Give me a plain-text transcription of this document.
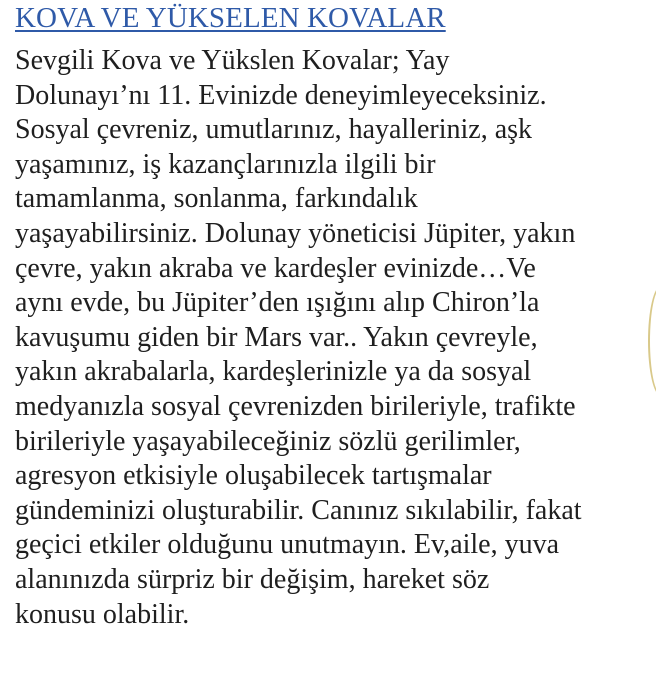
KOVA VE YÜKSELEN KOVALAR
Sevgili Kova ve Yükslen Kovalar; Yay
Dolunayı’nı 11. Evinizde deneyimleyeceksiniz.
Sosyal çevreniz, umutlarınız, hayalleriniz, aşk
yaşamınız, iş kazançlarınızla ilgili bir
tamamlanma, sonlanma, farkındalık
yaşayabilirsiniz. Dolunay yöneticisi Jüpiter, yakın
çevre, yakın akraba ve kardeşler evinizde…Ve
aynı evde, bu Jüpiter’den ışığını alıp Chiron’la
kavuşumu giden bir Mars var.. Yakın çevreyle,
yakın akrabalarla, kardeşlerinizle ya da sosyal
medyanızla sosyal çevrenizden birileriyle, trafikte
birileriyle yaşayabileceğiniz sözlü gerilimler,
agresyon etkisiyle oluşabilecek tartışmalar
gündeminizi oluşturabilir. Canınız sıkılabilir, fakat
geçici etkiler olduğunu unutmayın. Ev,aile, yuva
alanınızda sürpriz bir değişim, hareket söz
konusu olabilir.
